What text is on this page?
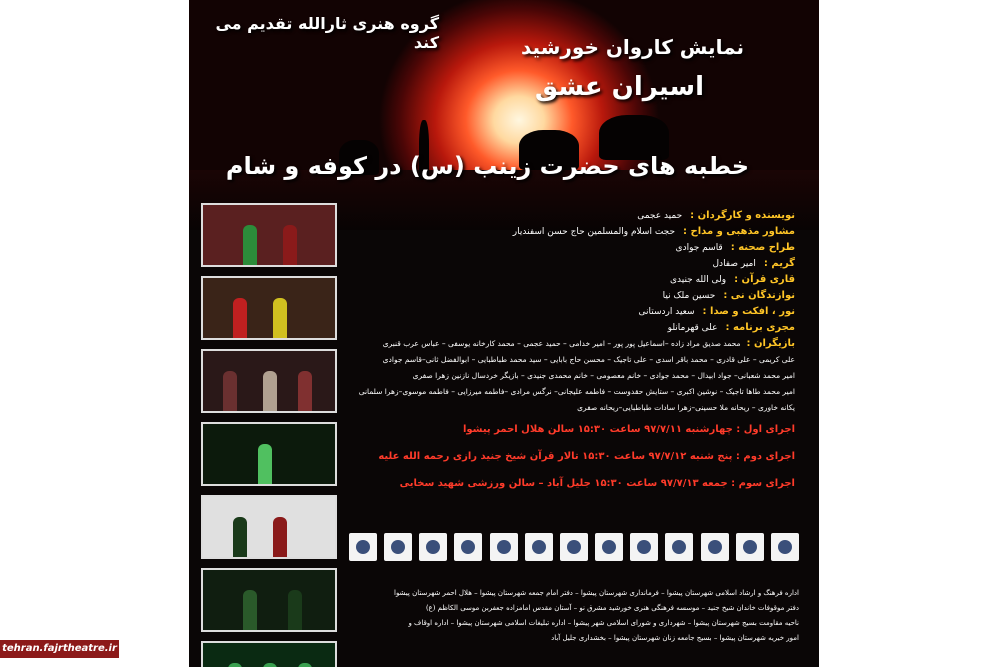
گروه هنری ثارالله تقدیم می کند	نمایش کاروان خورشید
اسیران عشق
خطبه های حضرت زینب (س) در کوفه و شام
نویسنده و کارگردان :حمید عجمی
مشاور مذهبی و مداح :حجت اسلام والمسلمین حاج حسن اسفندیار
طراح صحنه :قاسم جوادی
گریم :امیر صفادل
قاری قرآن :ولی الله جنیدی
نوازندگان نی :حسین ملک نیا
نور ، افکت و صدا :سعید اردستانی
مجری برنامه :علی قهرمانلو
بازیگران :محمد صدیق مراد زاده –اسماعیل پور پور – امیر خدامی – حمید عجمی – محمد کارخانه یوسفی – عباس عرب قنبری
علی کریمی – علی قادری – محمد باقر اسدی – علی تاجیک – محسن حاج بابایی – سید محمد طباطبایی – ابوالفضل ثانی–قاسم جوادی
امیر محمد شعبانی– جواد ابیدال – محمد جوادی – خانم معصومی – خانم محمدی جنیدی – بازیگر خردسال نازنین زهرا صفری
امیر محمد طاها تاجیک – نوشین اکبری – ستایش حقدوست – فاطمه علیجانی– نرگس مرادی –فاطمه میرزایی – فاطمه موسوی–زهرا سلمانی
یکانه خاوری – ریحانه ملا حسینی–زهرا سادات طباطبایی–ریحانه صفری
اجرای اول : چهارشنبه ۹۷/۷/۱۱ ساعت ۱۵:۳۰ سالن هلال احمر پیشوا
اجرای دوم : پنج شنبه ۹۷/۷/۱۲ ساعت ۱۵:۳۰ تالار قرآن شیخ جنید رازی رحمه الله علیه
اجرای سوم : جمعه ۹۷/۷/۱۳ ساعت ۱۵:۳۰ جلیل آباد – سالن ورزشی شهید سخایی
اداره فرهنگ و ارشاد اسلامی شهرستان پیشوا – فرمانداری شهرستان پیشوا – دفتر امام جمعه شهرستان پیشوا – هلال احمر شهرستان پیشوا
دفتر موقوفات خاندان شیخ جنید – موسسه فرهنگی هنری خورشید مشرق نو – آستان مقدس امامزاده جعفربن موسی الکاظم (ع)
ناحیه مقاومت بسیج شهرستان پیشوا – شهرداری و شورای اسلامی شهر پیشوا – اداره تبلیغات اسلامی شهرستان پیشوا – اداره اوقاف و
امور خیریه شهرستان پیشوا – بسیج جامعه زنان شهرستان پیشوا – بخشداری جلیل آباد
tehran.fajrtheatre.ir
